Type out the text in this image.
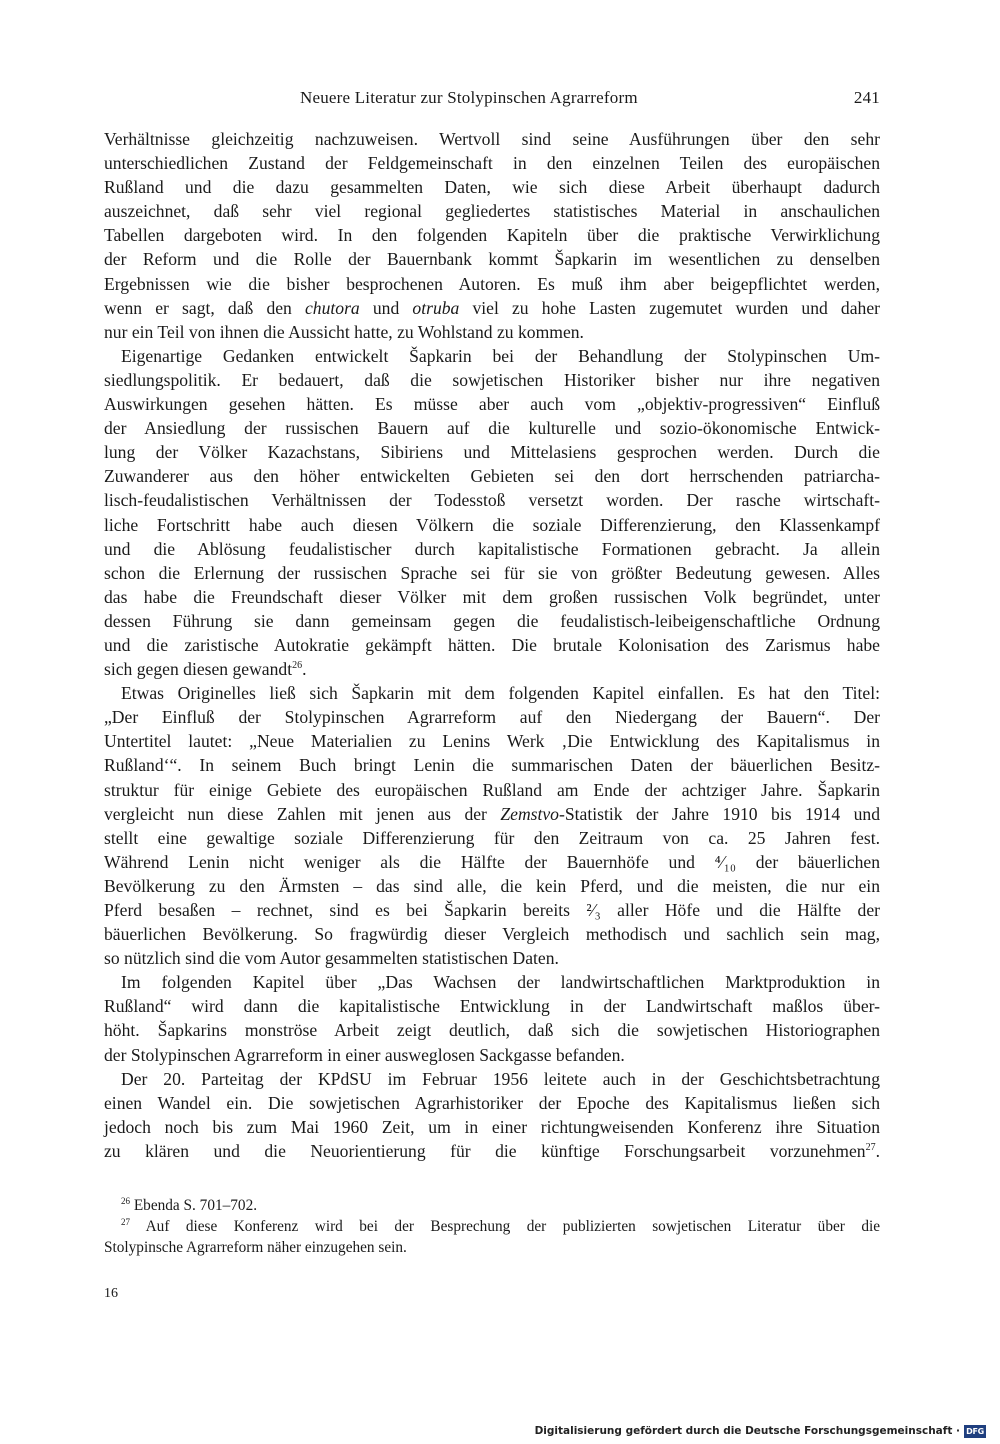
Neuere Literatur zur Stolypinschen Agrarreform	241
Verhältnisse gleichzeitig nachzuweisen. Wertvoll sind seine Ausführungen über den sehr
unterschiedlichen Zustand der Feldgemeinschaft in den einzelnen Teilen des europäischen
Rußland und die dazu gesammelten Daten, wie sich diese Arbeit überhaupt dadurch
auszeichnet, daß sehr viel regional gegliedertes statistisches Material in anschaulichen
Tabellen dargeboten wird. In den folgenden Kapiteln über die praktische Verwirklichung
der Reform und die Rolle der Bauernbank kommt Šapkarin im wesentlichen zu denselben
Ergebnissen wie die bisher besprochenen Autoren. Es muß ihm aber beigepflichtet werden,
wenn er sagt, daß den chutora und otruba viel zu hohe Lasten zugemutet wurden und daher
nur ein Teil von ihnen die Aussicht hatte, zu Wohlstand zu kommen.
Eigenartige Gedanken entwickelt Šapkarin bei der Behandlung der Stolypinschen Um-
siedlungspolitik. Er bedauert, daß die sowjetischen Historiker bisher nur ihre negativen
Auswirkungen gesehen hätten. Es müsse aber auch vom „objektiv-progressiven“ Einfluß
der Ansiedlung der russischen Bauern auf die kulturelle und sozio-ökonomische Entwick-
lung der Völker Kazachstans, Sibiriens und Mittelasiens gesprochen werden. Durch die
Zuwanderer aus den höher entwickelten Gebieten sei den dort herrschenden patriarcha-
lisch-feudalistischen Verhältnissen der Todesstoß versetzt worden. Der rasche wirtschaft-
liche Fortschritt habe auch diesen Völkern die soziale Differenzierung, den Klassenkampf
und die Ablösung feudalistischer durch kapitalistische Formationen gebracht. Ja allein
schon die Erlernung der russischen Sprache sei für sie von größter Bedeutung gewesen. Alles
das habe die Freundschaft dieser Völker mit dem großen russischen Volk begründet, unter
dessen Führung sie dann gemeinsam gegen die feudalistisch-leibeigenschaftliche Ordnung
und die zaristische Autokratie gekämpft hätten. Die brutale Kolonisation des Zarismus habe
sich gegen diesen gewandt$^{26}$.
Etwas Originelles ließ sich Šapkarin mit dem folgenden Kapitel einfallen. Es hat den Titel:
„Der Einfluß der Stolypinschen Agrarreform auf den Niedergang der Bauern“. Der
Untertitel lautet: „Neue Materialien zu Lenins Werk ‚Die Entwicklung des Kapitalismus in
Rußland‘“. In seinem Buch bringt Lenin die summarischen Daten der bäuerlichen Besitz-
struktur für einige Gebiete des europäischen Rußland am Ende der achtziger Jahre. Šapkarin
vergleicht nun diese Zahlen mit jenen aus der Zemstvo-Statistik der Jahre 1910 bis 1914 und
stellt eine gewaltige soziale Differenzierung für den Zeitraum von ca. 25 Jahren fest.
Während Lenin nicht weniger als die Hälfte der Bauernhöfe und ⁴⁄₁₀ der bäuerlichen
Bevölkerung zu den Ärmsten – das sind alle, die kein Pferd, und die meisten, die nur ein
Pferd besaßen – rechnet, sind es bei Šapkarin bereits ²⁄₃ aller Höfe und die Hälfte der
bäuerlichen Bevölkerung. So fragwürdig dieser Vergleich methodisch und sachlich sein mag,
so nützlich sind die vom Autor gesammelten statistischen Daten.
Im folgenden Kapitel über „Das Wachsen der landwirtschaftlichen Marktproduktion in
Rußland“ wird dann die kapitalistische Entwicklung in der Landwirtschaft maßlos über-
höht. Šapkarins monströse Arbeit zeigt deutlich, daß sich die sowjetischen Historiographen
der Stolypinschen Agrarreform in einer ausweglosen Sackgasse befanden.
Der 20. Parteitag der KPdSU im Februar 1956 leitete auch in der Geschichtsbetrachtung
einen Wandel ein. Die sowjetischen Agrarhistoriker der Epoche des Kapitalismus ließen sich
jedoch noch bis zum Mai 1960 Zeit, um in einer richtungweisenden Konferenz ihre Situation
zu klären und die Neuorientierung für die künftige Forschungsarbeit vorzunehmen$^{27}$.
$^{26}$ Ebenda S. 701–702.
$^{27}$ Auf diese Konferenz wird bei der Besprechung der publizierten sowjetischen Literatur über die
Stolypinsche Agrarreform näher einzugehen sein.
16
Digitalisierung gefördert durch die Deutsche Forschungsgemeinschaft · DFG
